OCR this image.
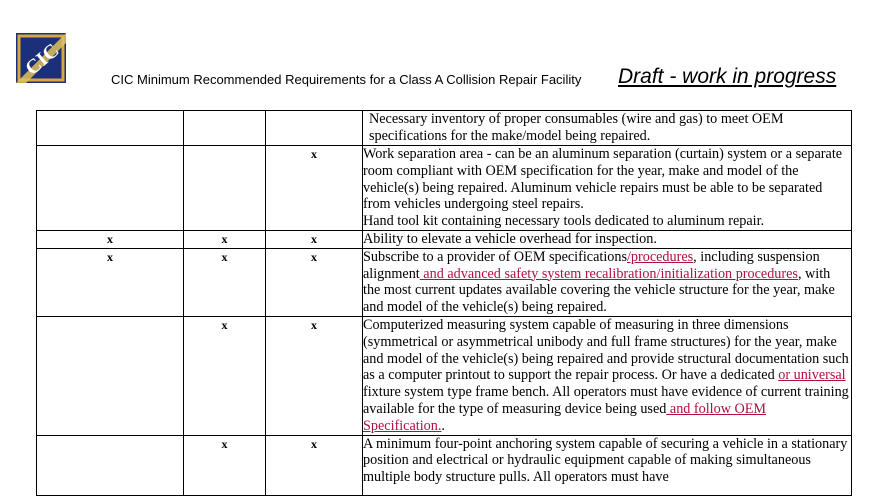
CIC	CIC Minimum Recommended Requirements for a Class A Collision Repair Facility Draft - work in progress
			Necessary inventory of proper consumables (wire and gas) to meet OEM specifications for the make/model being repaired.
		x	Work separation area - can be an aluminum separation (curtain) system or a separate room compliant with OEM specification for the year, make and model of the vehicle(s) being repaired. Aluminum vehicle repairs must be able to be separated from vehicles undergoing steel repairs.
Hand tool kit containing necessary tools dedicated to aluminum repair.

x	x	x	Ability to elevate a vehicle overhead for inspection.
x	x	x	Subscribe to a provider of OEM specifications/procedures, including suspension alignment and advanced safety system recalibration/initialization procedures, with the most current updates available covering the vehicle structure for the year, make and model of the vehicle(s) being repaired.
	x	x	Computerized measuring system capable of measuring in three dimensions (symmetrical or asymmetrical unibody and full frame structures) for the year, make and model of the vehicle(s) being repaired and provide structural documentation such as a computer printout to support the repair process. Or have a dedicated or universal fixture system type frame bench. All operators must have evidence of current training available for the type of measuring device being used and follow OEM Specification..
	x	x	A minimum four-point anchoring system capable of securing a vehicle in a stationary position and electrical or hydraulic equipment capable of making simultaneous multiple body structure pulls. All operators must have
